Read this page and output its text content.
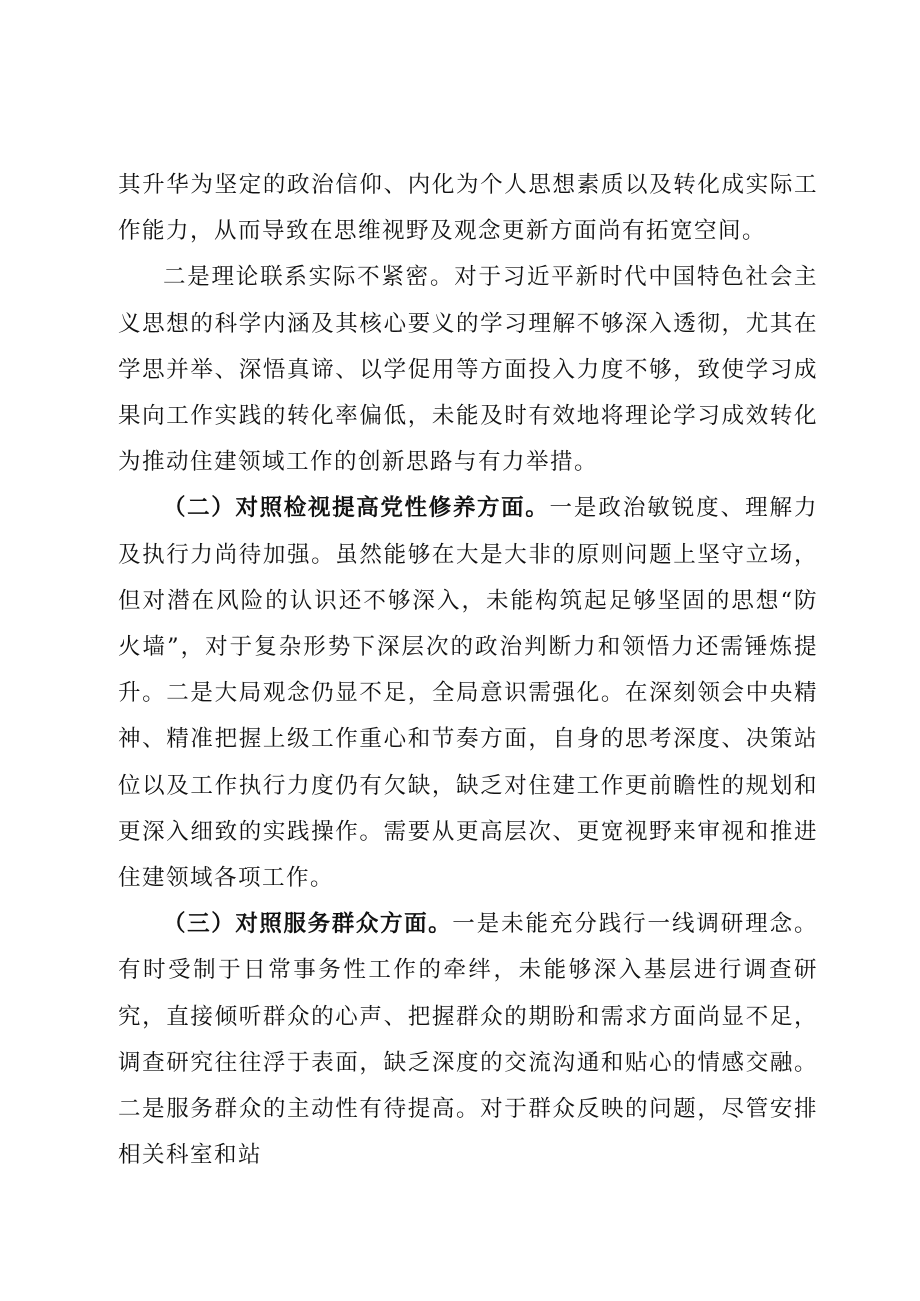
其升华为坚定的政治信仰、内化为个人思想素质以及转化成实际工作能力，从而导致在思维视野及观念更新方面尚有拓宽空间。

二是理论联系实际不紧密。对于习近平新时代中国特色社会主义思想的科学内涵及其核心要义的学习理解不够深入透彻，尤其在学思并举、深悟真谛、以学促用等方面投入力度不够，致使学习成果向工作实践的转化率偏低，未能及时有效地将理论学习成效转化为推动住建领域工作的创新思路与有力举措。

（二）对照检视提高党性修养方面。一是政治敏锐度、理解力及执行力尚待加强。虽然能够在大是大非的原则问题上坚守立场，但对潜在风险的认识还不够深入，未能构筑起足够坚固的思想“防火墙”，对于复杂形势下深层次的政治判断力和领悟力还需锤炼提升。二是大局观念仍显不足，全局意识需强化。在深刻领会中央精神、精准把握上级工作重心和节奏方面，自身的思考深度、决策站位以及工作执行力度仍有欠缺，缺乏对住建工作更前瞻性的规划和更深入细致的实践操作。需要从更高层次、更宽视野来审视和推进住建领域各项工作。

（三）对照服务群众方面。一是未能充分践行一线调研理念。有时受制于日常事务性工作的牵绊，未能够深入基层进行调查研究，直接倾听群众的心声、把握群众的期盼和需求方面尚显不足，调查研究往往浮于表面，缺乏深度的交流沟通和贴心的情感交融。二是服务群众的主动性有待提高。对于群众反映的问题，尽管安排相关科室和站
